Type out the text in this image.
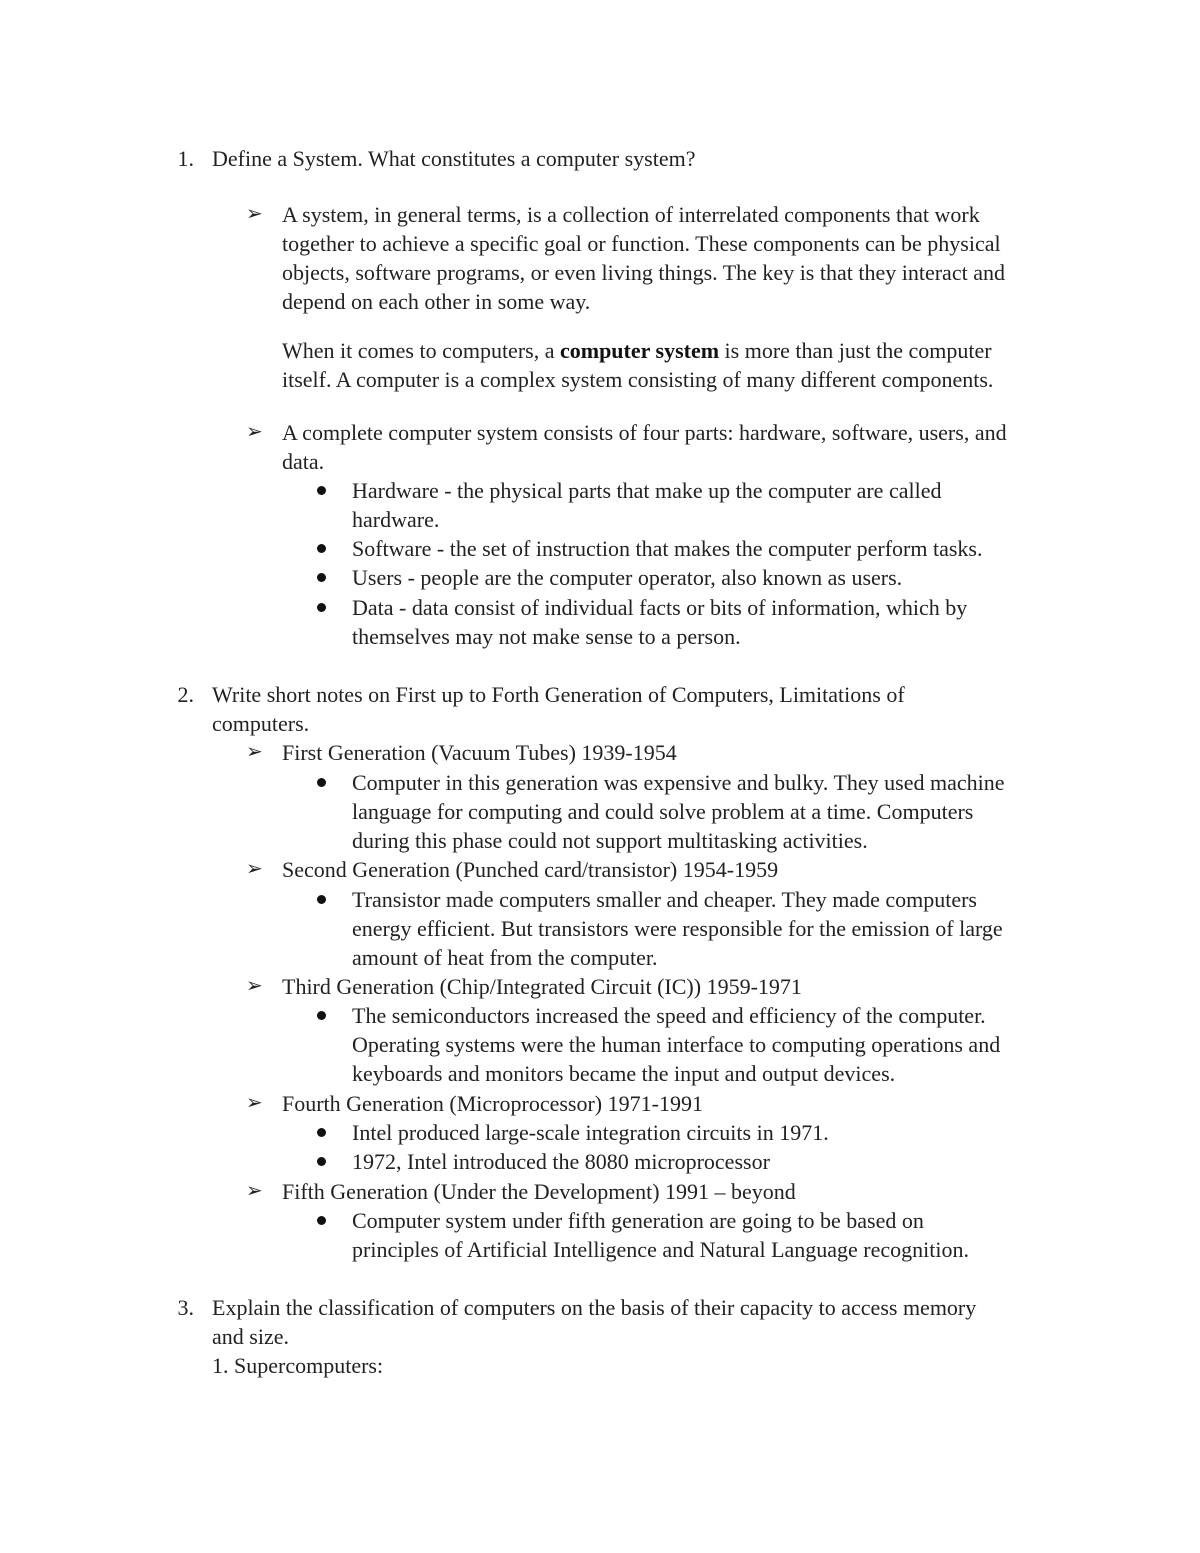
1. Define a System. What constitutes a computer system?
➢ A system, in general terms, is a collection of interrelated components that work
together to achieve a specific goal or function. These components can be physical
objects, software programs, or even living things. The key is that they interact and
depend on each other in some way.
When it comes to computers, a computer system is more than just the computer
itself. A computer is a complex system consisting of many different components.
➢ A complete computer system consists of four parts: hardware, software, users, and
data.
Hardware - the physical parts that make up the computer are called
hardware.
Software - the set of instruction that makes the computer perform tasks.
Users - people are the computer operator, also known as users.
Data - data consist of individual facts or bits of information, which by
themselves may not make sense to a person.
2. Write short notes on First up to Forth Generation of Computers, Limitations of
computers.
➢ First Generation (Vacuum Tubes) 1939-1954
Computer in this generation was expensive and bulky. They used machine
language for computing and could solve problem at a time. Computers
during this phase could not support multitasking activities.
➢ Second Generation (Punched card/transistor) 1954-1959
Transistor made computers smaller and cheaper. They made computers
energy efficient. But transistors were responsible for the emission of large
amount of heat from the computer.
➢ Third Generation (Chip/Integrated Circuit (IC)) 1959-1971
The semiconductors increased the speed and efficiency of the computer.
Operating systems were the human interface to computing operations and
keyboards and monitors became the input and output devices.
➢ Fourth Generation (Microprocessor) 1971-1991
Intel produced large-scale integration circuits in 1971.
1972, Intel introduced the 8080 microprocessor
➢ Fifth Generation (Under the Development) 1991 – beyond
Computer system under fifth generation are going to be based on
principles of Artificial Intelligence and Natural Language recognition.
3. Explain the classification of computers on the basis of their capacity to access memory
and size.
1. Supercomputers:
